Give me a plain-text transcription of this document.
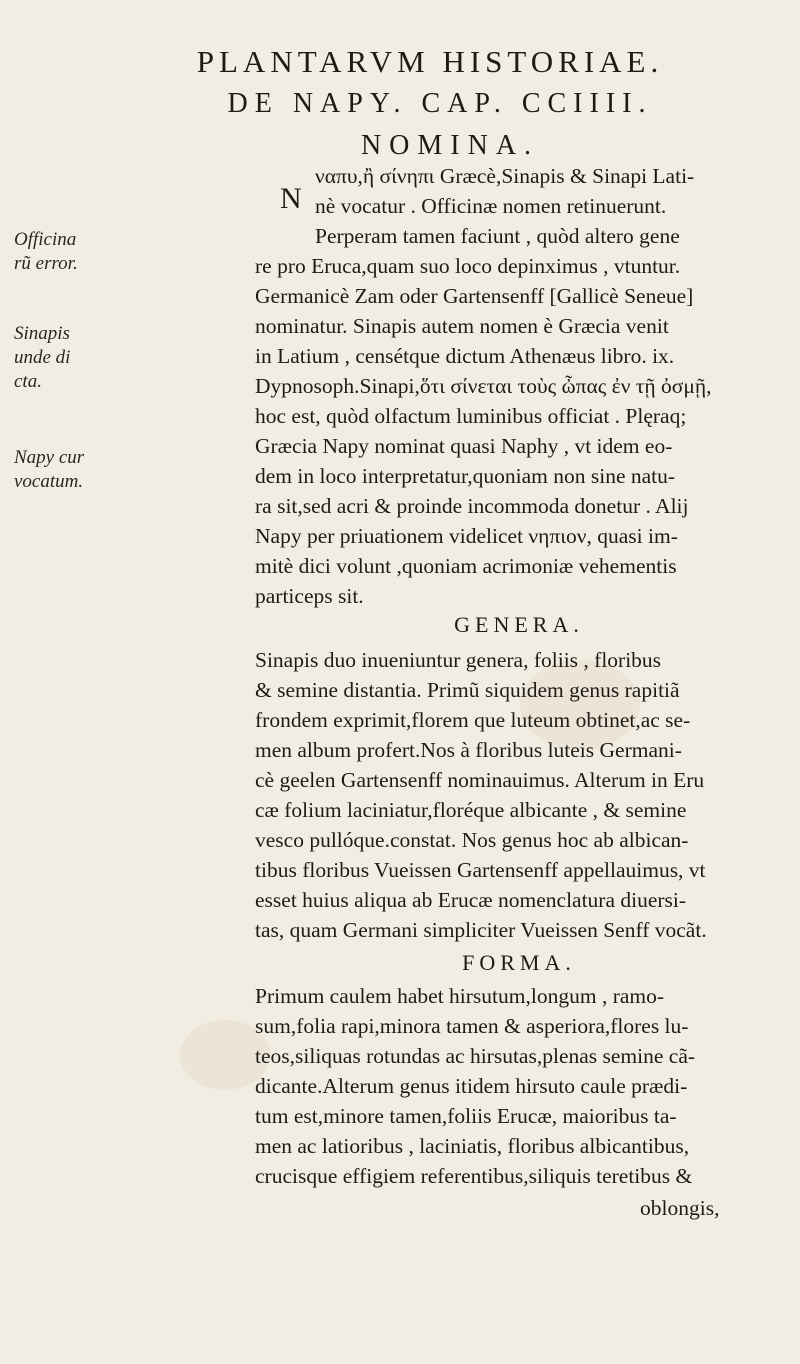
PLANTARVM HISTORIAE.
DE NAPY. CAP. CCIIII.
NOMINA.
N
Officina
rũ error.
Sinapis
unde di
cta.
Napy cur
vocatum.
ναπυ,ἢ σίνηπι Græcè,Sinapis & Sinapi Lati-
nè vocatur . Officinæ nomen retinuerunt.
Perperam tamen faciunt , quòd altero gene
re pro Eruca,quam suo loco depinximus , vtuntur.
Germanicè Zam oder Gartensenff [Gallicè Seneue]
nominatur. Sinapis autem nomen è Græcia venit
in Latium , censétque dictum Athenæus libro. ix.
Dypnosoph.Sinapi,ὅτι σίνεται τοὺς ὦπας ἐν τῇ ὀσμῇ,
hoc est, quòd olfactum luminibus officiat . Plęraq;
Græcia Napy nominat quasi Naphy , vt idem eo-
dem in loco interpretatur,quoniam non sine natu-
ra sit,sed acri & proinde incommoda donetur . Alij
Napy per priuationem videlicet νηπιον, quasi im-
mitè dici volunt ,quoniam acrimoniæ vehementis
particeps sit.
GENERA.
Sinapis duo inueniuntur genera, foliis , floribus
& semine distantia. Primũ siquidem genus rapitiã
frondem exprimit,florem que luteum obtinet,ac se-
men album profert.Nos à floribus luteis Germani-
cè geelen Gartensenff nominauimus. Alterum in Eru
cæ folium laciniatur,floréque albicante , & semine
vesco pullóque.constat. Nos genus hoc ab albican-
tibus floribus Vueissen Gartensenff appellauimus, vt
esset huius aliqua ab Erucæ nomenclatura diuersi-
tas, quam Germani simpliciter Vueissen Senff vocãt.
FORMA.
Primum caulem habet hirsutum,longum , ramo-
sum,folia rapi,minora tamen & asperiora,flores lu-
teos,siliquas rotundas ac hirsutas,plenas semine cã-
dicante.Alterum genus itidem hirsuto caule prædi-
tum est,minore tamen,foliis Erucæ, maioribus ta-
men ac latioribus , laciniatis, floribus albicantibus,
crucisque effigiem referentibus,siliquis teretibus &
oblongis,
